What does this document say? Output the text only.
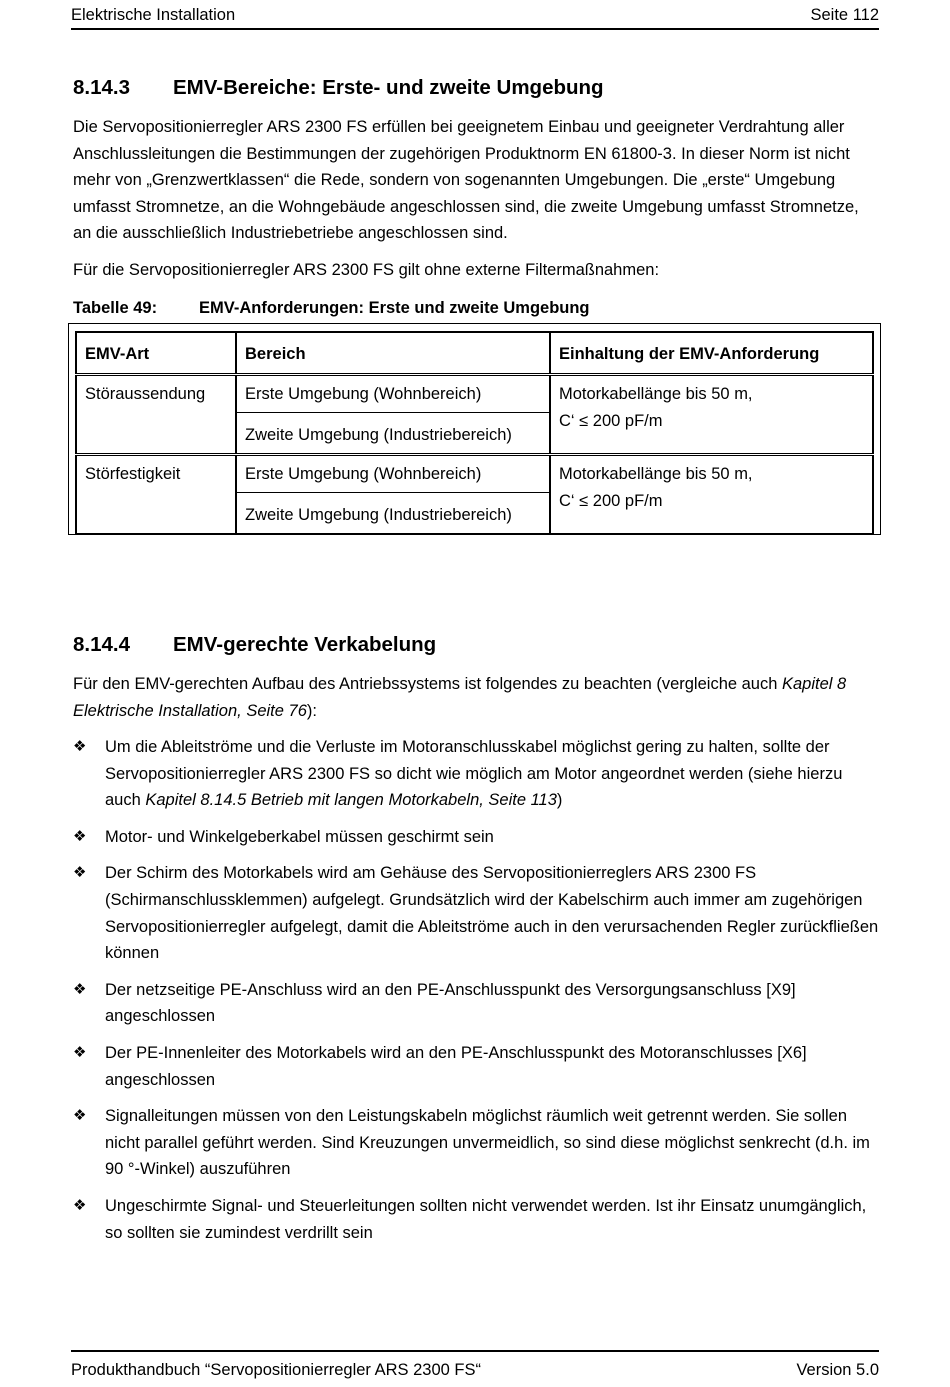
Elektrische Installation	Seite 112
8.14.3 EMV-Bereiche: Erste- und zweite Umgebung

Die Servopositionierregler ARS 2300 FS erfüllen bei geeignetem Einbau und geeigneter Verdrahtung aller Anschlussleitungen die Bestimmungen der zugehörigen Produktnorm EN 61800-3. In dieser Norm ist nicht mehr von „Grenzwertklassen“ die Rede, sondern von sogenannten Umgebungen. Die „erste“ Umgebung umfasst Stromnetze, an die Wohngebäude angeschlossen sind, die zweite Umgebung umfasst Stromnetze, an die ausschließlich Industriebetriebe angeschlossen sind.

Für die Servopositionierregler ARS 2300 FS gilt ohne externe Filtermaßnahmen:

Tabelle 49:	EMV-Anforderungen: Erste und zweite Umgebung
EMV-Art	Bereich	Einhaltung der EMV-Anforderung
Störaussendung	Erste Umgebung (Wohnbereich)	Motorkabellänge bis 50 m,
C‘ ≤ 200 pF/m

	Zweite Umgebung (Industriebereich)	
Störfestigkeit	Erste Umgebung (Wohnbereich)	Motorkabellänge bis 50 m,
C‘ ≤ 200 pF/m

	Zweite Umgebung (Industriebereich)	
8.14.4 EMV-gerechte Verkabelung

Für den EMV-gerechten Aufbau des Antriebssystems ist folgendes zu beachten (vergleiche auch Kapitel 8 Elektrische Installation, Seite 76):

❖ Um die Ableitströme und die Verluste im Motoranschlusskabel möglichst gering zu halten, sollte der Servopositionierregler ARS 2300 FS so dicht wie möglich am Motor angeordnet werden (siehe hierzu auch Kapitel 8.14.5 Betrieb mit langen Motorkabeln, Seite 113)
❖ Motor- und Winkelgeberkabel müssen geschirmt sein
❖ Der Schirm des Motorkabels wird am Gehäuse des Servopositionierreglers ARS 2300 FS (Schirmanschlussklemmen) aufgelegt. Grundsätzlich wird der Kabelschirm auch immer am zugehörigen Servopositionierregler aufgelegt, damit die Ableitströme auch in den verursachenden Regler zurückfließen können
❖ Der netzseitige PE-Anschluss wird an den PE-Anschlusspunkt des Versorgungsanschluss [X9] angeschlossen
❖ Der PE-Innenleiter des Motorkabels wird an den PE-Anschlusspunkt des Motoranschlusses [X6] angeschlossen
❖ Signalleitungen müssen von den Leistungskabeln möglichst räumlich weit getrennt werden. Sie sollen nicht parallel geführt werden. Sind Kreuzungen unvermeidlich, so sind diese möglichst senkrecht (d.h. im 90 °-Winkel) auszuführen
❖ Ungeschirmte Signal- und Steuerleitungen sollten nicht verwendet werden. Ist ihr Einsatz unumgänglich, so sollten sie zumindest verdrillt sein
Produkthandbuch “Servopositionierregler ARS 2300 FS“	Version 5.0
